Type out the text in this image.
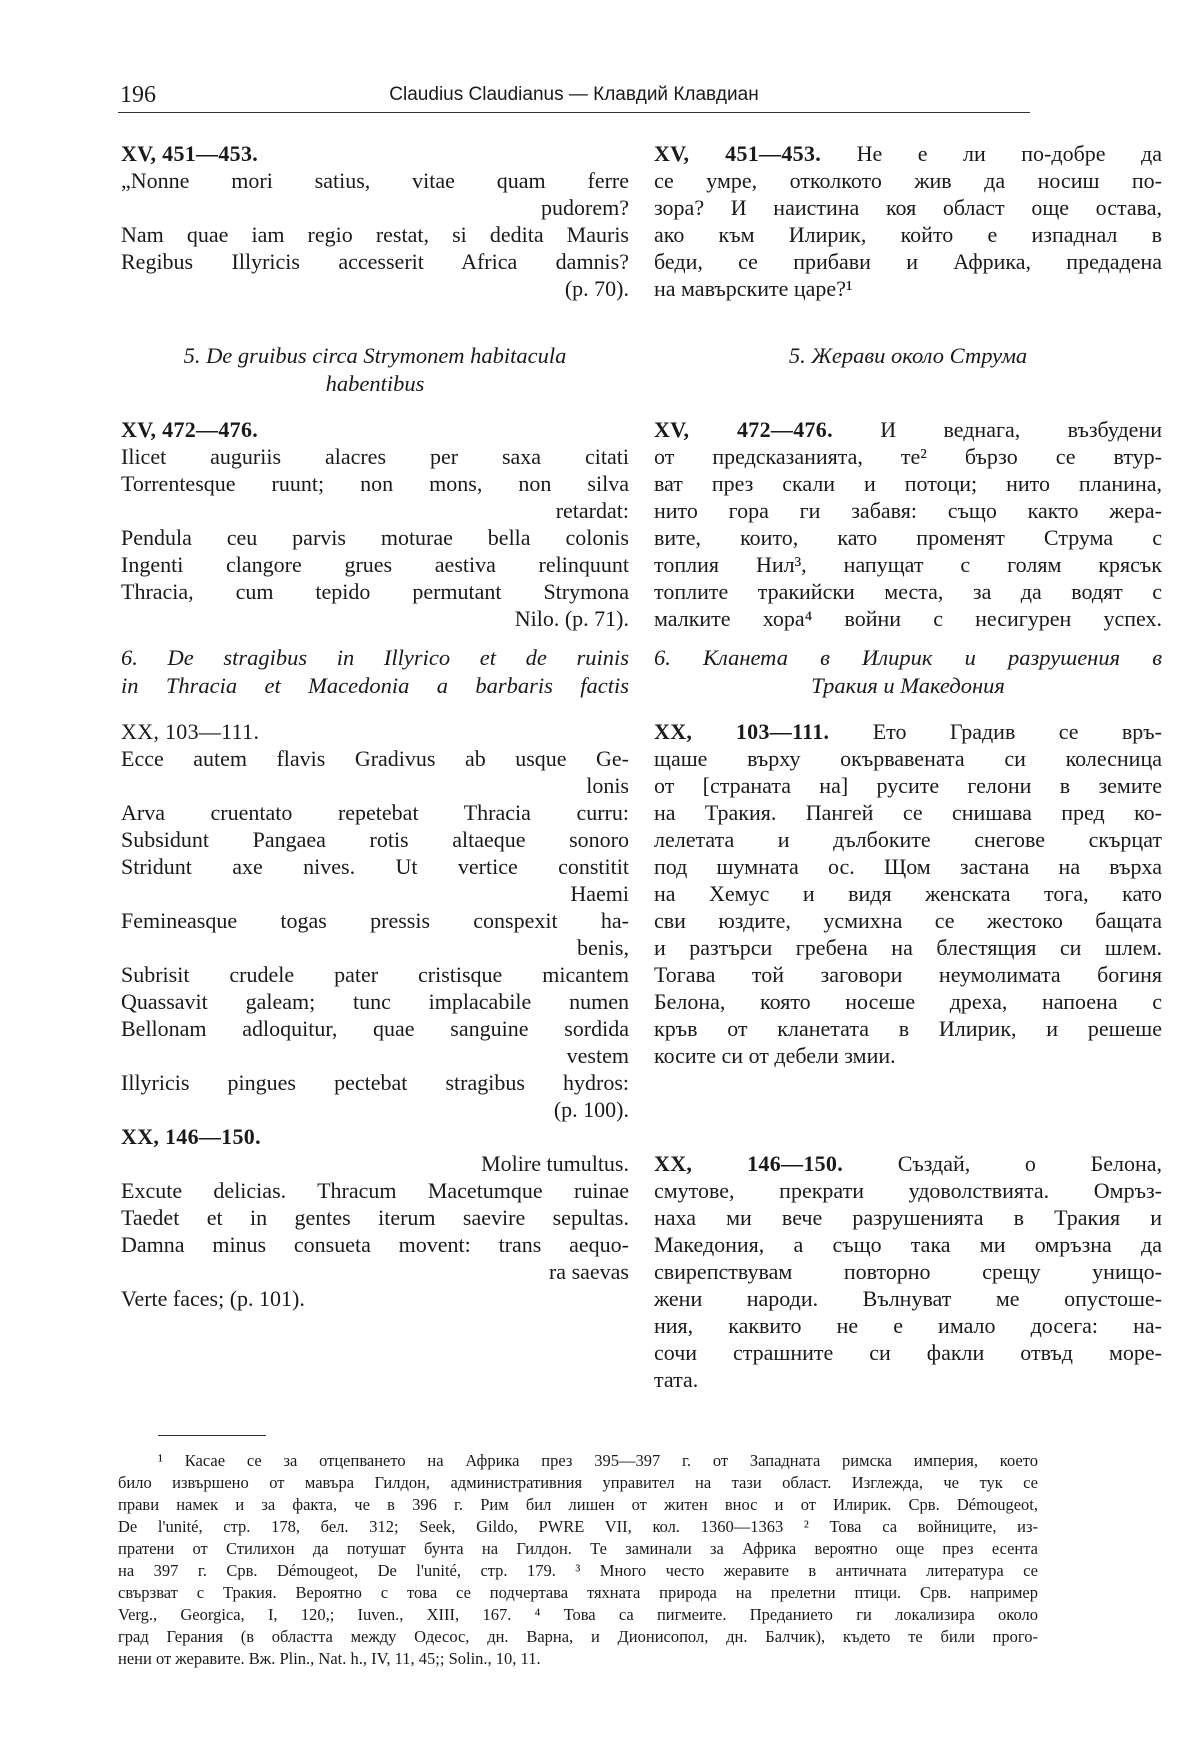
196	Claudius Claudianus — Клавдий Клавдиан
XV, 451—453.
„Nonne mori satius, vitae quam ferre
pudorem?
Nam quae iam regio restat, si dedita Mauris
Regibus Illyricis accesserit Africa damnis?
(p. 70).
5. De gruibus circa Strymonem habitacula
habentibus
XV, 472—476.
Ilicet auguriis alacres per saxa citati
Torrentesque ruunt; non mons, non silva
retardat:
Pendula ceu parvis moturae bella colonis
Ingenti clangore grues aestiva relinquunt
Thracia, cum tepido permutant Strymona
Nilo. (p. 71).
6. De stragibus in Illyrico et de ruinis
in Thracia et Macedonia a barbaris factis
XX, 103—111.
Ecce autem flavis Gradivus ab usque Ge-
lonis
Arva cruentato repetebat Thracia curru:
Subsidunt Pangaea rotis altaeque sonoro
Stridunt axe nives. Ut vertice constitit
Haemi
Femineasque togas pressis conspexit ha-
benis,
Subrisit crudele pater cristisque micantem
Quassavit galeam; tunc implacabile numen
Bellonam adloquitur, quae sanguine sordida
vestem
Illyricis pingues pectebat stragibus hydros:
(p. 100).
XX, 146—150.
Molire tumultus.
Excute delicias. Thracum Macetumque ruinae
Taedet et in gentes iterum saevire sepultas.
Damna minus consueta movent: trans aequo-
ra saevas
Verte faces; (p. 101).
XV, 451—453. Не е ли по-добре да
се умре, отколкото жив да носиш по-
зора? И наистина коя област още остава,
ако към Илирик, който е изпаднал в
беди, се прибави и Африка, предадена
на мавърските царе?¹
5. Жерави около Струма
XV, 472—476. И веднага, възбудени
от предсказанията, те² бързо се втур-
ват през скали и потоци; нито планина,
нито гора ги забавя: също както жера-
вите, които, като променят Струма с
топлия Нил³, напущат с голям крясък
топлите тракийски места, за да водят с
малките хора⁴ войни с несигурен успех.
6. Кланета в Илирик и разрушения в
Тракия и Македония
XX, 103—111. Ето Градив се връ-
щаше върху окървавената си колесница
от [страната на] русите гелони в земите
на Тракия. Пангей се снишава пред ко-
лелетата и дълбоките снегове скърцат
под шумната ос. Щом застана на върха
на Хемус и видя женската тога, като
сви юздите, усмихна се жестоко бащата
и разтърси гребена на блестящия си шлем.
Тогава той заговори неумолимата богиня
Белона, която носеше дреха, напоена с
кръв от кланетата в Илирик, и решеше
косите си от дебели змии.
XX, 146—150. Създай, о Белона,
смутове, прекрати удоволствията. Омръз-
наха ми вече разрушенията в Тракия и
Македония, а също така ми омръзна да
свирепствувам повторно срещу унищо-
жени народи. Вълнуват ме опустоше-
ния, каквито не е имало досега: на-
сочи страшните си факли отвъд море-
тата.
¹ Касае се за отцепването на Африка през 395—397 г. от Западната римска империя, което
било извършено от мавъра Гилдон, административния управител на тази област. Изглежда, че тук се
прави намек и за факта, че в 396 г. Рим бил лишен от житен внос и от Илирик. Срв. Démougeot,
De l'unité, стр. 178, бел. 312; Seek, Gildo, PWRE VII, кол. 1360—1363 ² Това са войниците, из-
пратени от Стилихон да потушат бунта на Гилдон. Те заминали за Африка вероятно още през есента
на 397 г. Срв. Démougeot, De l'unité, стр. 179. ³ Много често жеравите в античната литература се
свързват с Тракия. Вероятно с това се подчертава тяхната природа на прелетни птици. Срв. например
Verg., Georgica, I, 120,; Iuven., XIII, 167. ⁴ Това са пигмеите. Преданието ги локализира около
град Герания (в областта между Одесос, дн. Варна, и Дионисопол, дн. Балчик), където те били прого-
нени от жеравите. Вж. Plin., Nat. h., IV, 11, 45;; Solin., 10, 11.
